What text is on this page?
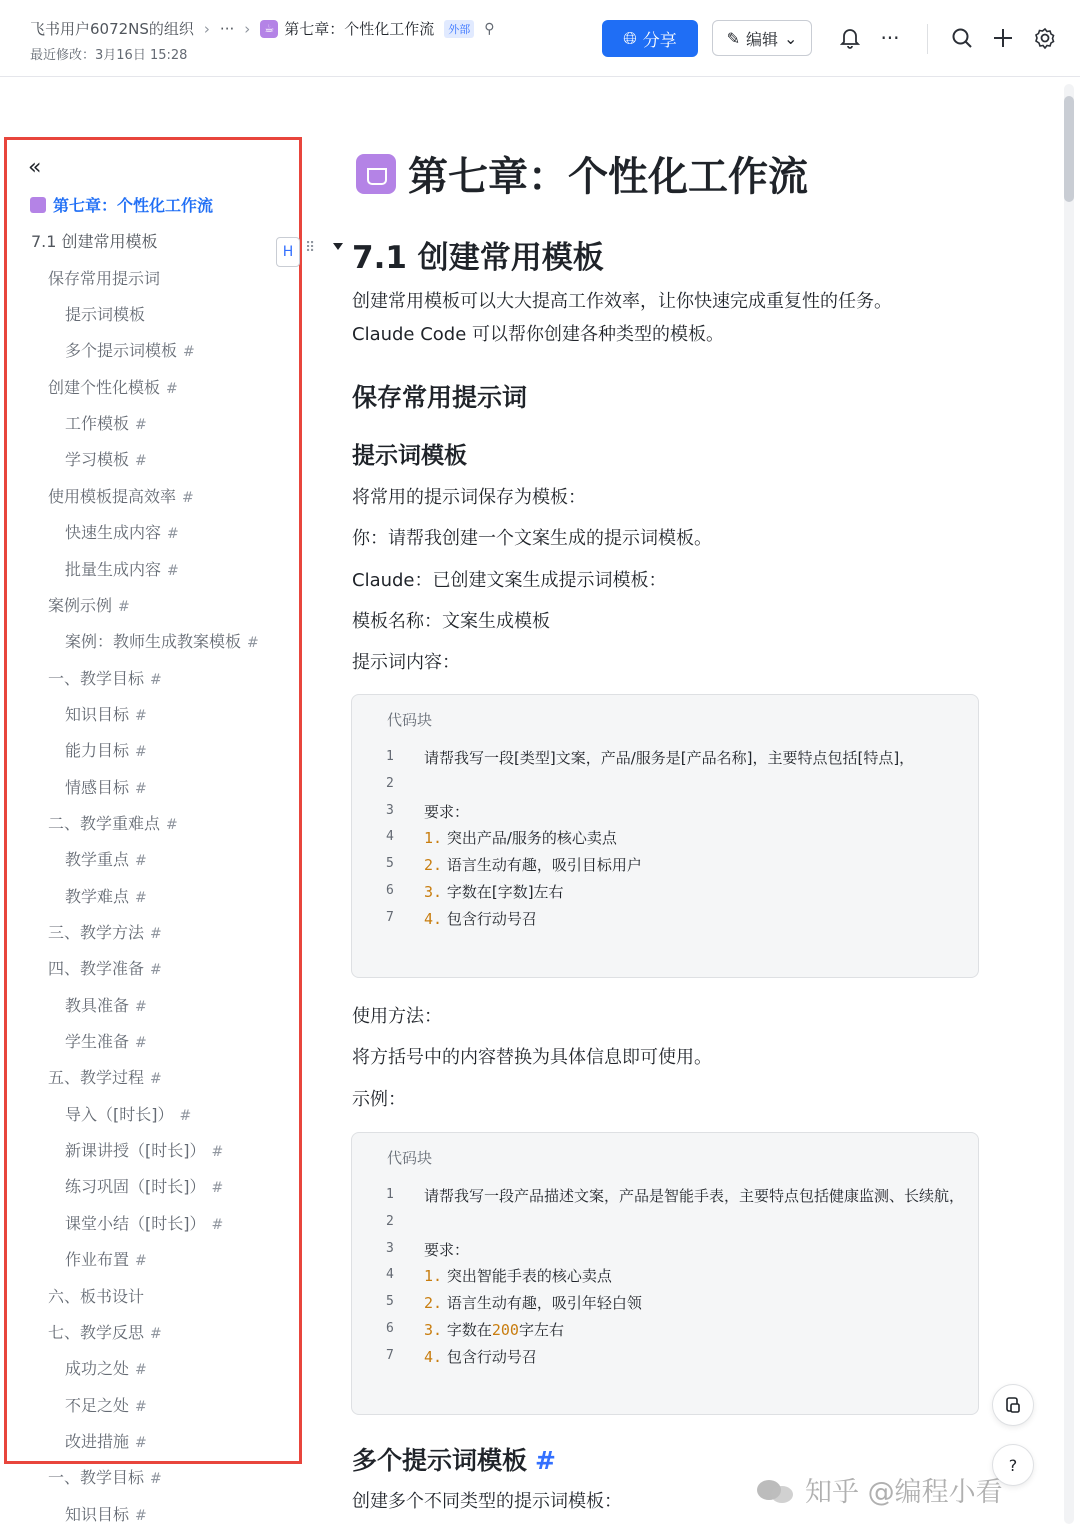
飞书用户6072NS的组织 › ··· ›	☕ 第七章：个性化工作流	外部 ⚲
最近修改：3月16日 15:28
🌐︎ 分享	✎ 编辑 ⌄	···
«
第七章：个性化工作流
7.1 创建常用模板
保存常用提示词
提示词模板
多个提示词模板 #
创建个性化模板 #
工作模板 #
学习模板 #
使用模板提高效率 #
快速生成内容 #
批量生成内容 #
案例示例 #
案例：教师生成教案模板 #
一、教学目标 #
知识目标 #
能力目标 #
情感目标 #
二、教学重难点 #
教学重点 #
教学难点 #
三、教学方法 #
四、教学准备 #
教具准备 #
学生准备 #
五、教学过程 #
导入（[时长]） #
新课讲授（[时长]） #
练习巩固（[时长]） #
课堂小结（[时长]） #
作业布置 #
六、板书设计
七、教学反思 #
成功之处 #
不足之处 #
改进措施 #
一、教学目标 #
知识目标 #
H ⠿
第七章：个性化工作流
7.1 创建常用模板
创建常用模板可以大大提高工作效率，让你快速完成重复性的任务。
Claude Code 可以帮你创建各种类型的模板。
保存常用提示词
提示词模板
将常用的提示词保存为模板：
你：请帮我创建一个文案生成的提示词模板。
Claude：已创建文案生成提示词模板：
模板名称：文案生成模板
提示词内容：
代码块
1	请帮我写一段[类型]文案，产品/服务是[产品名称]，主要特点包括[特点]，
2
3	要求：
4	1. 突出产品/服务的核心卖点
5	2. 语言生动有趣，吸引目标用户
6	3. 字数在[字数]左右
7	4. 包含行动号召
使用方法：
将方括号中的内容替换为具体信息即可使用。
示例：
代码块
1	请帮我写一段产品描述文案，产品是智能手表，主要特点包括健康监测、长续航，
2
3	要求：
4	1. 突出智能手表的核心卖点
5	2. 语言生动有趣，吸引年轻白领
6	3. 字数在200字左右
7	4. 包含行动号召
多个提示词模板 #
创建多个不同类型的提示词模板：
?
知乎 @编程小看
